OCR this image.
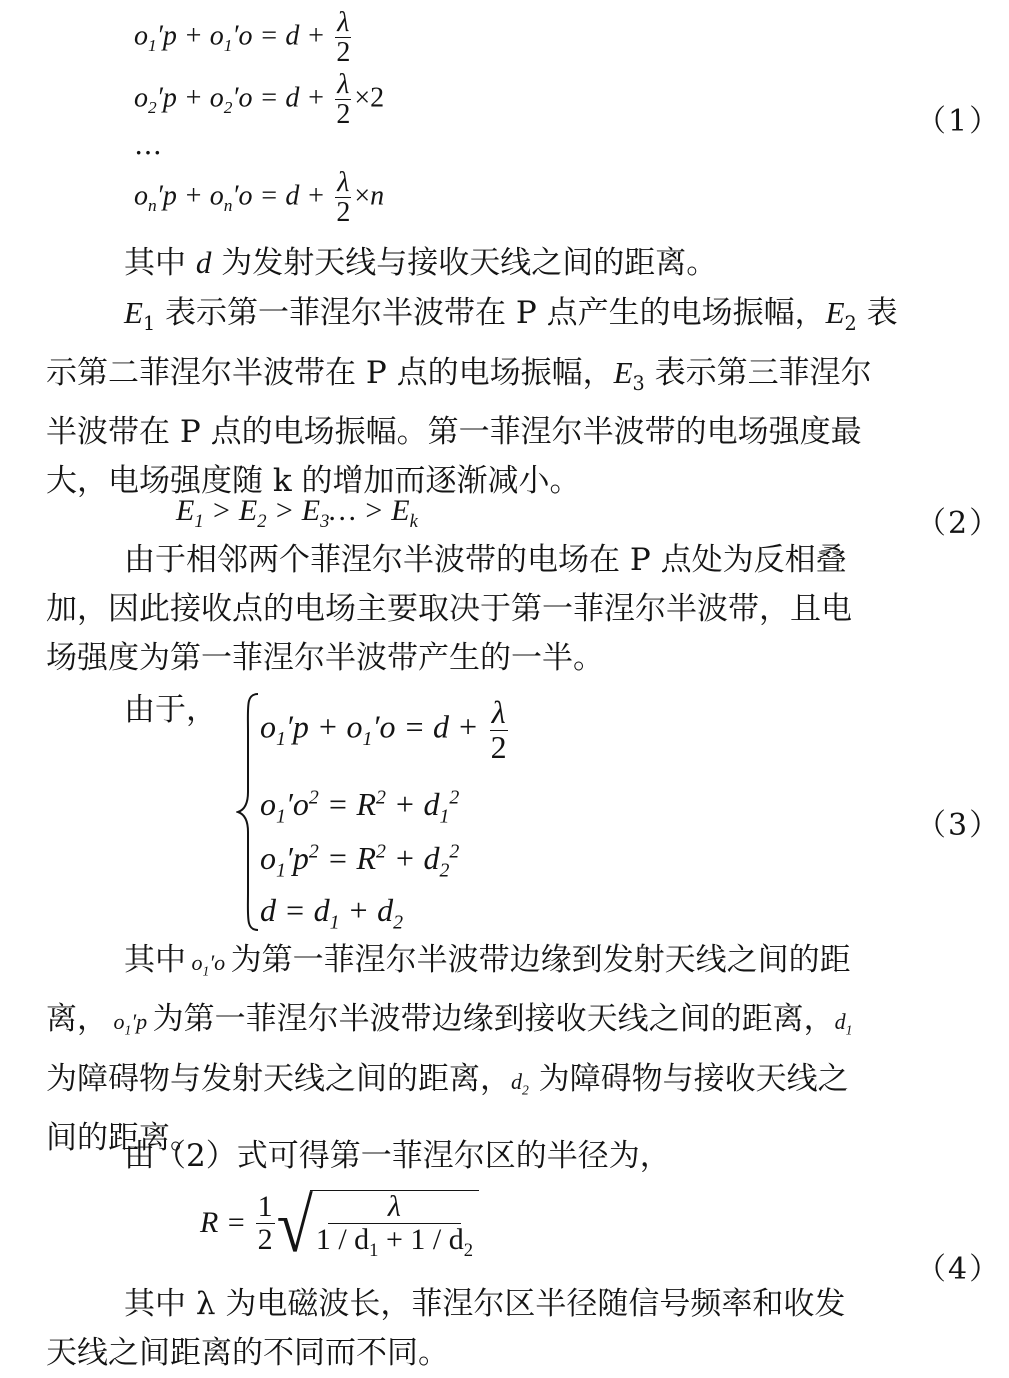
$o_1'p + o_1'o = d + \frac{\lambda}{2}$
$o_2'p + o_2'o = d + \frac{\lambda}{2} \times 2$
…
$o_n'p + o_n'o = d + \frac{\lambda}{2} \times n$
（1）
其中 d 为发射天线与接收天线之间的距离。
$E_1$ 表示第一菲涅尔半波带在 P 点产生的电场振幅，$E_2$ 表
示第二菲涅尔半波带在 P 点的电场振幅，$E_3$ 表示第三菲涅尔
半波带在 P 点的电场振幅。第一菲涅尔半波带的电场强度最
大，电场强度随 k 的增加而逐渐减小。
$E_1 > E_2$ > $E_3\dots > E_k$	（2）
由于相邻两个菲涅尔半波带的电场在 P 点处为反相叠
加，因此接收点的电场主要取决于第一菲涅尔半波带，且电
场强度为第一菲涅尔半波带产生的一半。
由于，	$o_1'p + o_1'o = d + \frac{\lambda}{2}$
$o_1'o^2 = R^2 + d_1^2$
$o_1'p^2 = R^2 + d_2^2$
$d = d_1 + d_2$
（3）
其中 $o_1'o$ 为第一菲涅尔半波带边缘到发射天线之间的距
离， $o_1'p$ 为第一菲涅尔半波带边缘到接收天线之间的距离，$d_1$
为障碍物与发射天线之间的距离，$d_2$ 为障碍物与接收天线之
间的距离。
由（2）式可得第一菲涅尔区的半径为，
$R = \frac{1}{2}$ √ $\frac{\lambda}{1 / d_1 + 1 / d_2}$
（4）
其中 λ 为电磁波长，菲涅尔区半径随信号频率和收发
天线之间距离的不同而不同。
